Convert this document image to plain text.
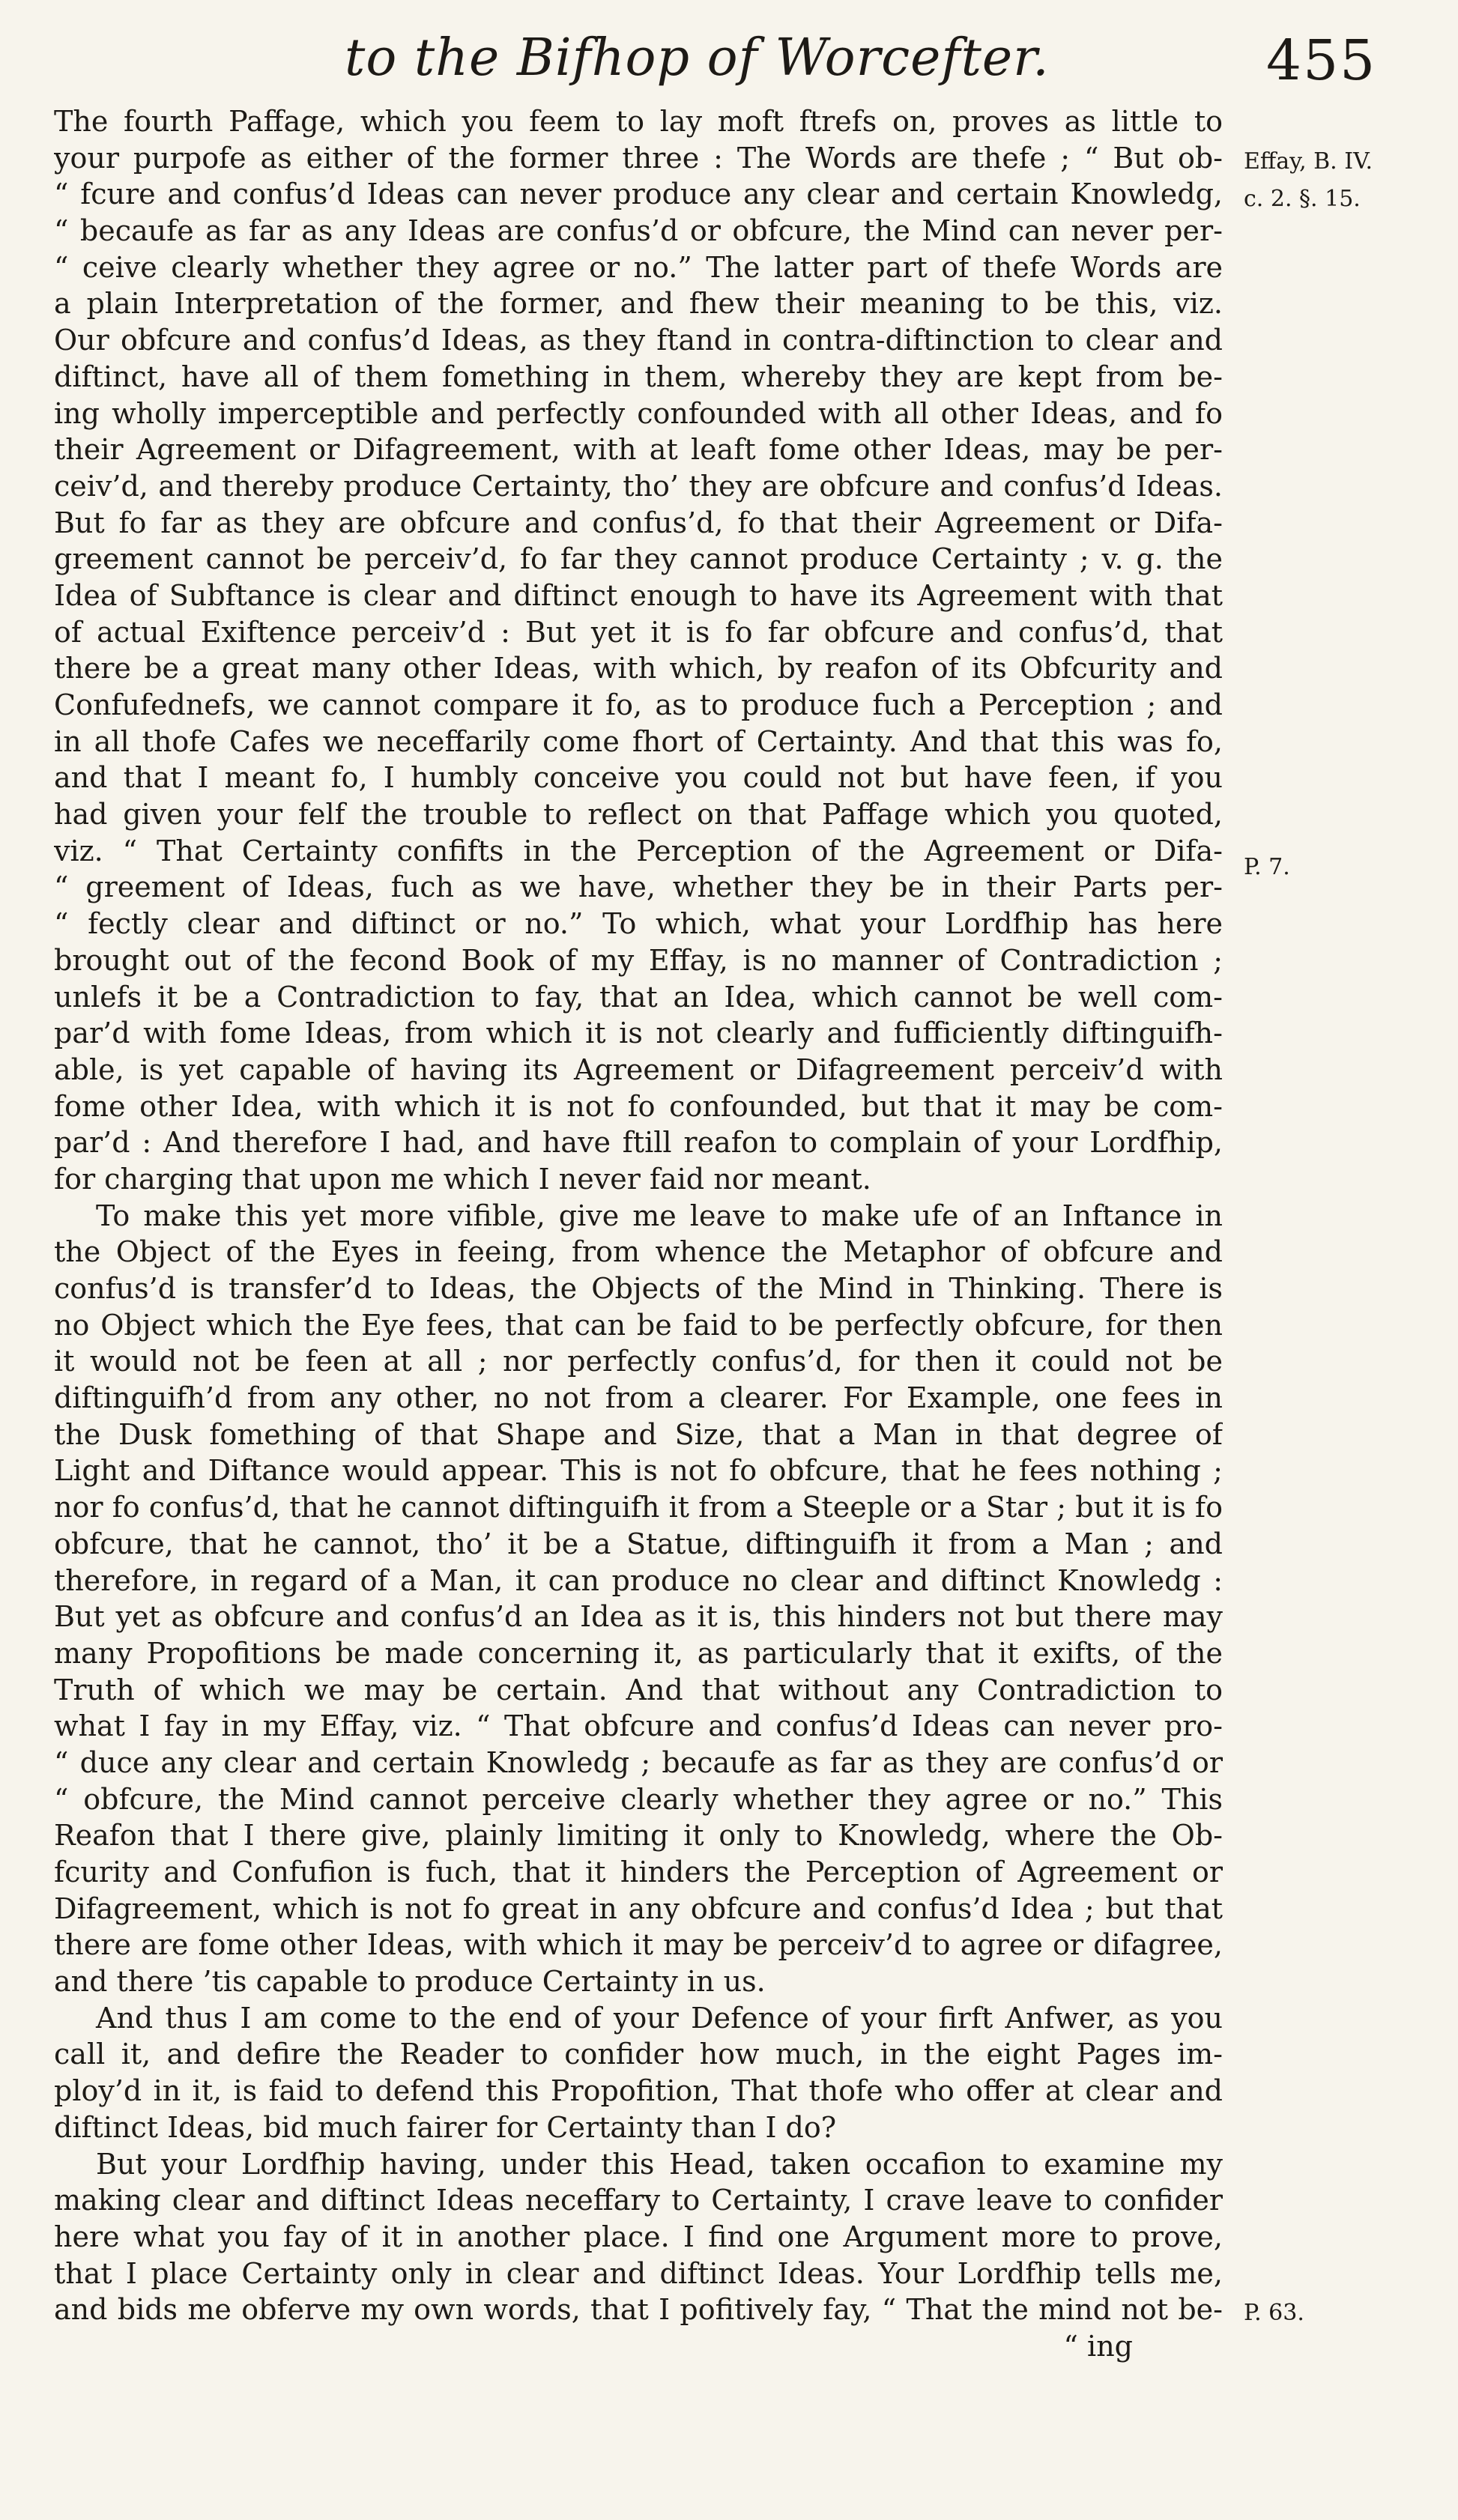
to the Bifhop of Worcefter.	455
The fourth Paffage, which you feem to lay moft ftrefs on, proves as little to
your purpofe as either of the former three : The Words are thefe ; “ But ob-
“ fcure and confus’d Ideas can never produce any clear and certain Knowledg,
“ becaufe as far as any Ideas are confus’d or obfcure, the Mind can never per-
“ ceive clearly whether they agree or no.” The latter part of thefe Words are
a plain Interpretation of the former, and fhew their meaning to be this, viz.
Our obfcure and confus’d Ideas, as they ftand in contra-diftinction to clear and
diftinct, have all of them fomething in them, whereby they are kept from be-
ing wholly imperceptible and perfectly confounded with all other Ideas, and fo
their Agreement or Difagreement, with at leaft fome other Ideas, may be per-
ceiv’d, and thereby produce Certainty, tho’ they are obfcure and confus’d Ideas.
But fo far as they are obfcure and confus’d, fo that their Agreement or Difa-
greement cannot be perceiv’d, fo far they cannot produce Certainty ; v. g. the
Idea of Subftance is clear and diftinct enough to have its Agreement with that
of actual Exiftence perceiv’d : But yet it is fo far obfcure and confus’d, that
there be a great many other Ideas, with which, by reafon of its Obfcurity and
Confufednefs, we cannot compare it fo, as to produce fuch a Perception ; and
in all thofe Cafes we neceffarily come fhort of Certainty. And that this was fo,
and that I meant fo, I humbly conceive you could not but have feen, if you
had given your felf the trouble to reflect on that Paffage which you quoted,
viz. “ That Certainty confifts in the Perception of the Agreement or Difa-
“ greement of Ideas, fuch as we have, whether they be in their Parts per-
“ fectly clear and diftinct or no.” To which, what your Lordfhip has here
brought out of the fecond Book of my Effay, is no manner of Contradiction ;
unlefs it be a Contradiction to fay, that an Idea, which cannot be well com-
par’d with fome Ideas, from which it is not clearly and fufficiently diftinguifh-
able, is yet capable of having its Agreement or Difagreement perceiv’d with
fome other Idea, with which it is not fo confounded, but that it may be com-
par’d : And therefore I had, and have ftill reafon to complain of your Lordfhip,
for charging that upon me which I never faid nor meant.
To make this yet more vifible, give me leave to make ufe of an Inftance in
the Object of the Eyes in feeing, from whence the Metaphor of obfcure and
confus’d is transfer’d to Ideas, the Objects of the Mind in Thinking. There is
no Object which the Eye fees, that can be faid to be perfectly obfcure, for then
it would not be feen at all ; nor perfectly confus’d, for then it could not be
diftinguifh’d from any other, no not from a clearer. For Example, one fees in
the Dusk fomething of that Shape and Size, that a Man in that degree of
Light and Diftance would appear. This is not fo obfcure, that he fees nothing ;
nor fo confus’d, that he cannot diftinguifh it from a Steeple or a Star ; but it is fo
obfcure, that he cannot, tho’ it be a Statue, diftinguifh it from a Man ; and
therefore, in regard of a Man, it can produce no clear and diftinct Knowledg :
But yet as obfcure and confus’d an Idea as it is, this hinders not but there may
many Propofitions be made concerning it, as particularly that it exifts, of the
Truth of which we may be certain. And that without any Contradiction to
what I fay in my Effay, viz. “ That obfcure and confus’d Ideas can never pro-
“ duce any clear and certain Knowledg ; becaufe as far as they are confus’d or
“ obfcure, the Mind cannot perceive clearly whether they agree or no.” This
Reafon that I there give, plainly limiting it only to Knowledg, where the Ob-
fcurity and Confufion is fuch, that it hinders the Perception of Agreement or
Difagreement, which is not fo great in any obfcure and confus’d Idea ; but that
there are fome other Ideas, with which it may be perceiv’d to agree or difagree,
and there ’tis capable to produce Certainty in us.
And thus I am come to the end of your Defence of your firft Anfwer, as you
call it, and defire the Reader to confider how much, in the eight Pages im-
ploy’d in it, is faid to defend this Propofition, That thofe who offer at clear and
diftinct Ideas, bid much fairer for Certainty than I do?
But your Lordfhip having, under this Head, taken occafion to examine my
making clear and diftinct Ideas neceffary to Certainty, I crave leave to confider
here what you fay of it in another place. I find one Argument more to prove,
that I place Certainty only in clear and diftinct Ideas. Your Lordfhip tells me,
and bids me obferve my own words, that I pofitively fay, “ That the mind not be-
“ ing
Effay, B. IV.
c. 2. §. 15.
P. 7.
P. 63.
